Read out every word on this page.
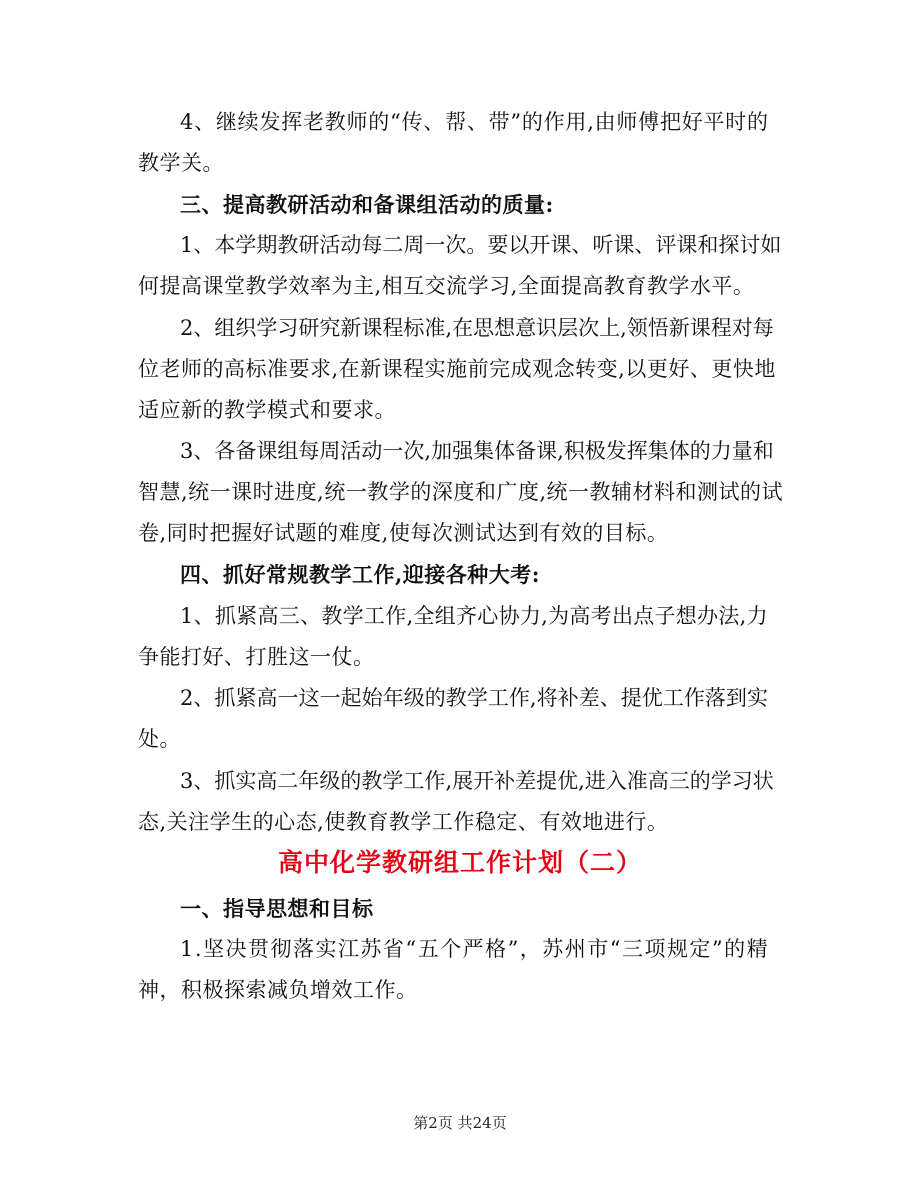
4 、 继 续 发 挥 老 教 师 的 “ 传 、 帮 、 带 ” 的 作 用 , 由 师 傅 把 好 平 时 的
教学关。
三、提高教研活动和备课组活动的质量:
1 、 本 学 期 教 研 活 动 每 二 周 一 次 。 要 以 开 课 、 听 课 、 评 课 和 探 讨 如
何提高课堂教学效率为主,相互交流学习,全面提高教育教学水平。
2 、 组 织 学 习 研 究 新 课 程 标 准 , 在 思 想 意 识 层 次 上 , 领 悟 新 课 程 对 每
位老师的高标准要求,在新课程实施前完成观念转变,以更好、更快地
适应新的教学模式和要求。
3 、 各 备 课 组 每 周 活 动 一 次 , 加 强 集 体 备 课 , 积 极 发 挥 集 体 的 力 量 和
智慧,统一课时进度,统一教学的深度和广度,统一教辅材料和测试的试
卷,同时把握好试题的难度,使每次测试达到有效的目标。
四、抓好常规教学工作,迎接各种大考:
1 、 抓 紧 高 三 、 教 学 工 作 , 全 组 齐 心 协 力 , 为 高 考 出 点 子 想 办 法 , 力
争能打好、打胜这一仗。
2 、 抓 紧 高 一 这 一 起 始 年 级 的 教 学 工 作 , 将 补 差 、 提 优 工 作 落 到 实
处。
3 、 抓 实 高 二 年 级 的 教 学 工 作 , 展 开 补 差 提 优 , 进 入 准 高 三 的 学 习 状
态,关注学生的心态,使教育教学工作稳定、有效地进行。
高中化学教研组工作计划（二）
一、指导思想和目标
1 . 坚 决 贯 彻 落 实 江 苏 省 “ 五 个 严 格 ” ， 苏 州 市 “ 三 项 规 定 ” 的 精
神，积极探索减负增效工作。
第2页 共24页
